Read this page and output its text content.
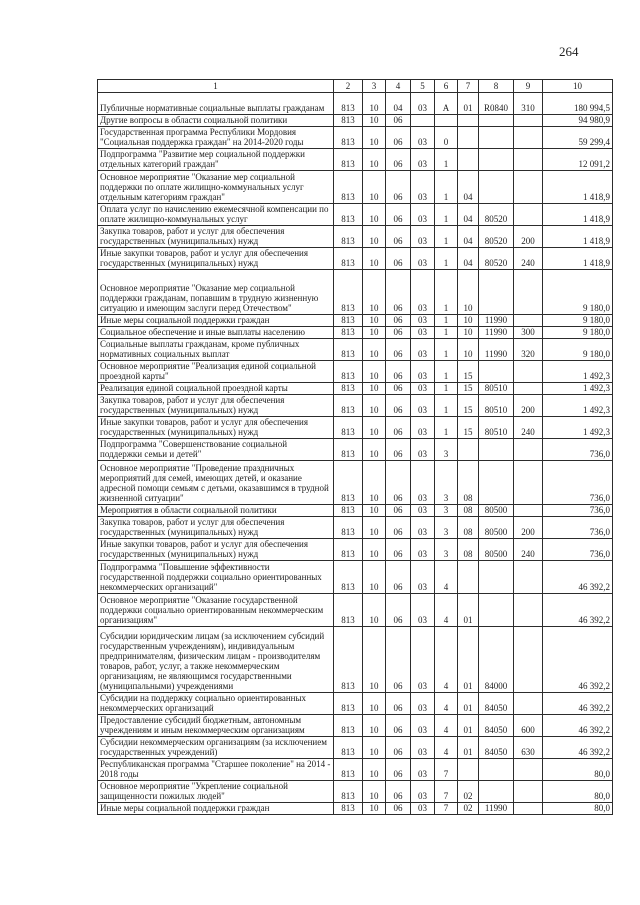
264
1	2	3	4	5	6	7	8	9	10
Публичные нормативные социальные выплаты гражданам	813	10	04	03	А	01	R0840	310	180 994,5
Другие вопросы в области социальной политики	813	10	06						94 980,9
Государственная программа Республики Мордовия "Социальная поддержка граждан" на 2014-2020 годы	813	10	06	03	0				59 299,4
Подпрограмма "Развитие мер социальной поддержки отдельных категорий граждан"	813	10	06	03	1				12 091,2
Основное мероприятие "Оказание мер социальной поддержки по оплате жилищно-коммунальных услуг отдельным категориям граждан"	813	10	06	03	1	04			1 418,9
Оплата услуг по начислению ежемесячной компенсации по оплате жилищно-коммунальных услуг	813	10	06	03	1	04	80520		1 418,9
Закупка товаров, работ и услуг для обеспечения государственных (муниципальных) нужд	813	10	06	03	1	04	80520	200	1 418,9
Иные закупки товаров, работ и услуг для обеспечения государственных (муниципальных) нужд	813	10	06	03	1	04	80520	240	1 418,9
Основное мероприятие "Оказание мер социальной поддержки гражданам, попавшим в трудную жизненную ситуацию и имеющим заслуги перед Отечеством"	813	10	06	03	1	10			9 180,0
Иные меры социальной поддержки граждан	813	10	06	03	1	10	11990		9 180,0
Социальное обеспечение и иные выплаты населению	813	10	06	03	1	10	11990	300	9 180,0
Социальные выплаты гражданам, кроме публичных нормативных социальных выплат	813	10	06	03	1	10	11990	320	9 180,0
Основное мероприятие "Реализация единой социальной проездной карты"	813	10	06	03	1	15			1 492,3
Реализация единой социальной проездной карты	813	10	06	03	1	15	80510		1 492,3
Закупка товаров, работ и услуг для обеспечения государственных (муниципальных) нужд	813	10	06	03	1	15	80510	200	1 492,3
Иные закупки товаров, работ и услуг для обеспечения государственных (муниципальных) нужд	813	10	06	03	1	15	80510	240	1 492,3
Подпрограмма "Совершенствование социальной поддержки семьи и детей"	813	10	06	03	3				736,0
Основное мероприятие "Проведение праздничных мероприятий для семей, имеющих детей, и оказание адресной помощи семьям с детьми, оказавшимся в трудной жизненной ситуации"	813	10	06	03	3	08			736,0
Мероприятия в области социальной политики	813	10	06	03	3	08	80500		736,0
Закупка товаров, работ и услуг для обеспечения государственных (муниципальных) нужд	813	10	06	03	3	08	80500	200	736,0
Иные закупки товаров, работ и услуг для обеспечения государственных (муниципальных) нужд	813	10	06	03	3	08	80500	240	736,0
Подпрограмма "Повышение эффективности государственной поддержки социально ориентированных некоммерческих организаций"	813	10	06	03	4				46 392,2
Основное мероприятие "Оказание государственной поддержки социально ориентированным некоммерческим организациям"	813	10	06	03	4	01			46 392,2
Субсидии юридическим лицам (за исключением субсидий государственным учреждениям), индивидуальным предпринимателям, физическим лицам - производителям товаров, работ, услуг, а также некоммерческим организациям, не являющимся государственными (муниципальными) учреждениями	813	10	06	03	4	01	84000		46 392,2
Субсидии на поддержку социально ориентированных некоммерческих организаций	813	10	06	03	4	01	84050		46 392,2
Предоставление субсидий бюджетным, автономным учреждениям и иным некоммерческим организациям	813	10	06	03	4	01	84050	600	46 392,2
Субсидии некоммерческим организациям (за исключением государственных учреждений)	813	10	06	03	4	01	84050	630	46 392,2
Республиканская программа "Старшее поколение" на 2014 - 2018 годы	813	10	06	03	7				80,0
Основное мероприятие "Укрепление социальной защищенности пожилых людей"	813	10	06	03	7	02			80,0
Иные меры социальной поддержки граждан	813	10	06	03	7	02	11990		80,0
